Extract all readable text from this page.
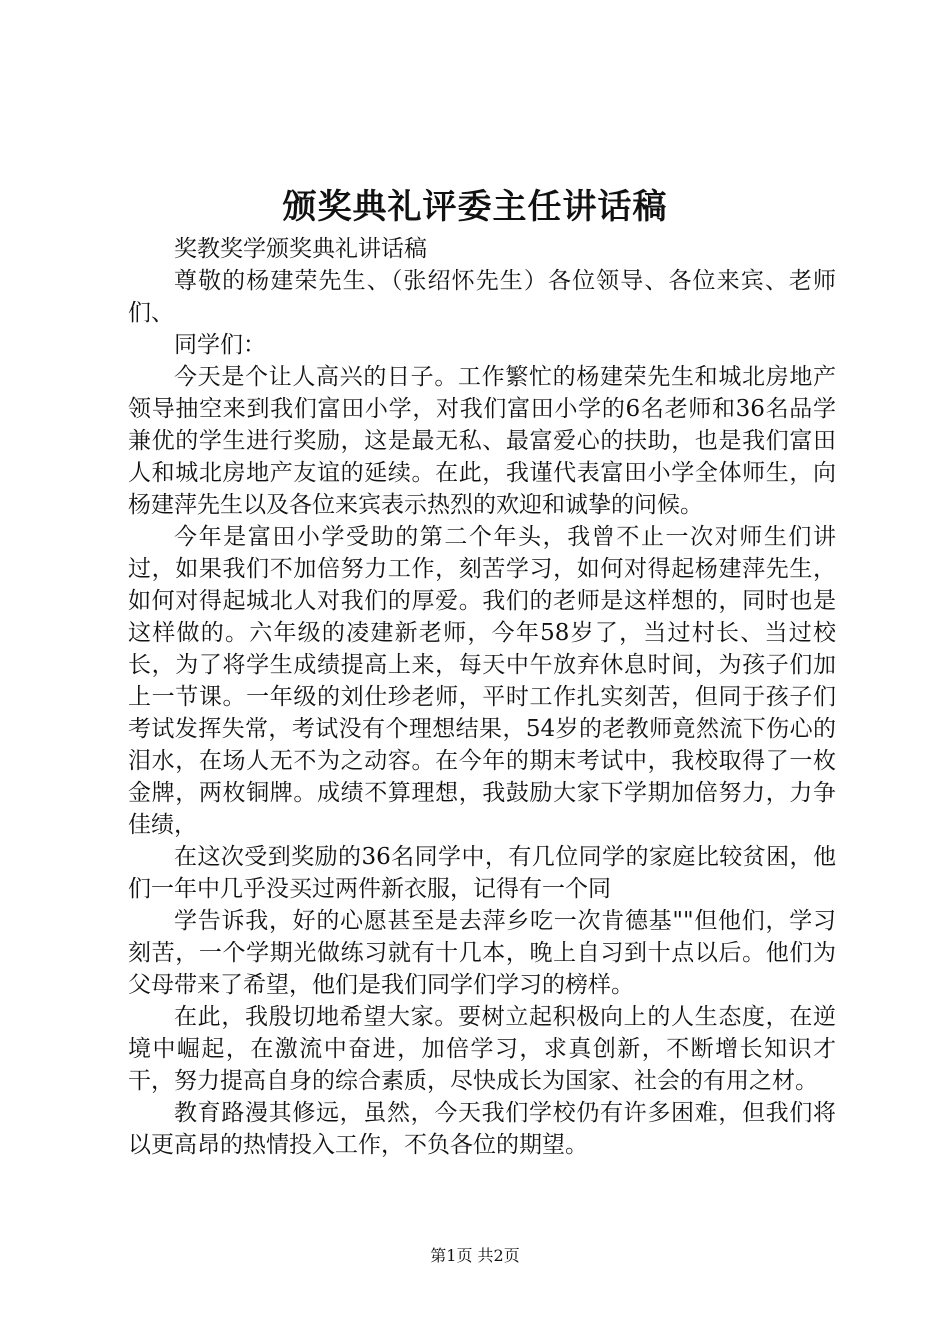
颁奖典礼评委主任讲话稿

奖教奖学颁奖典礼讲话稿

尊敬的杨建荣先生、（张绍怀先生）各位领导、各位来宾、老师们、

同学们：

今天是个让人高兴的日子。工作繁忙的杨建荣先生和城北房地产领导抽空来到我们富田小学，对我们富田小学的6名老师和36名品学兼优的学生进行奖励，这是最无私、最富爱心的扶助，也是我们富田人和城北房地产友谊的延续。在此，我谨代表富田小学全体师生，向杨建萍先生以及各位来宾表示热烈的欢迎和诚挚的问候。

今年是富田小学受助的第二个年头，我曾不止一次对师生们讲过，如果我们不加倍努力工作，刻苦学习，如何对得起杨建萍先生，如何对得起城北人对我们的厚爱。我们的老师是这样想的，同时也是这样做的。六年级的凌建新老师，今年58岁了，当过村长、当过校长，为了将学生成绩提高上来，每天中午放弃休息时间，为孩子们加上一节课。一年级的刘仕珍老师，平时工作扎实刻苦，但同于孩子们考试发挥失常，考试没有个理想结果，54岁的老教师竟然流下伤心的泪水，在场人无不为之动容。在今年的期末考试中，我校取得了一枚金牌，两枚铜牌。成绩不算理想，我鼓励大家下学期加倍努力，力争佳绩，

在这次受到奖励的36名同学中，有几位同学的家庭比较贫困，他们一年中几乎没买过两件新衣服，记得有一个同

学告诉我，好的心愿甚至是去萍乡吃一次肯德基""但他们，学习刻苦，一个学期光做练习就有十几本，晚上自习到十点以后。他们为父母带来了希望，他们是我们同学们学习的榜样。

在此，我殷切地希望大家。要树立起积极向上的人生态度，在逆境中崛起，在激流中奋进，加倍学习，求真创新，不断增长知识才干，努力提高自身的综合素质，尽快成长为国家、社会的有用之材。

教育路漫其修远，虽然，今天我们学校仍有许多困难，但我们将以更高昂的热情投入工作，不负各位的期望。

第1页 共2页
